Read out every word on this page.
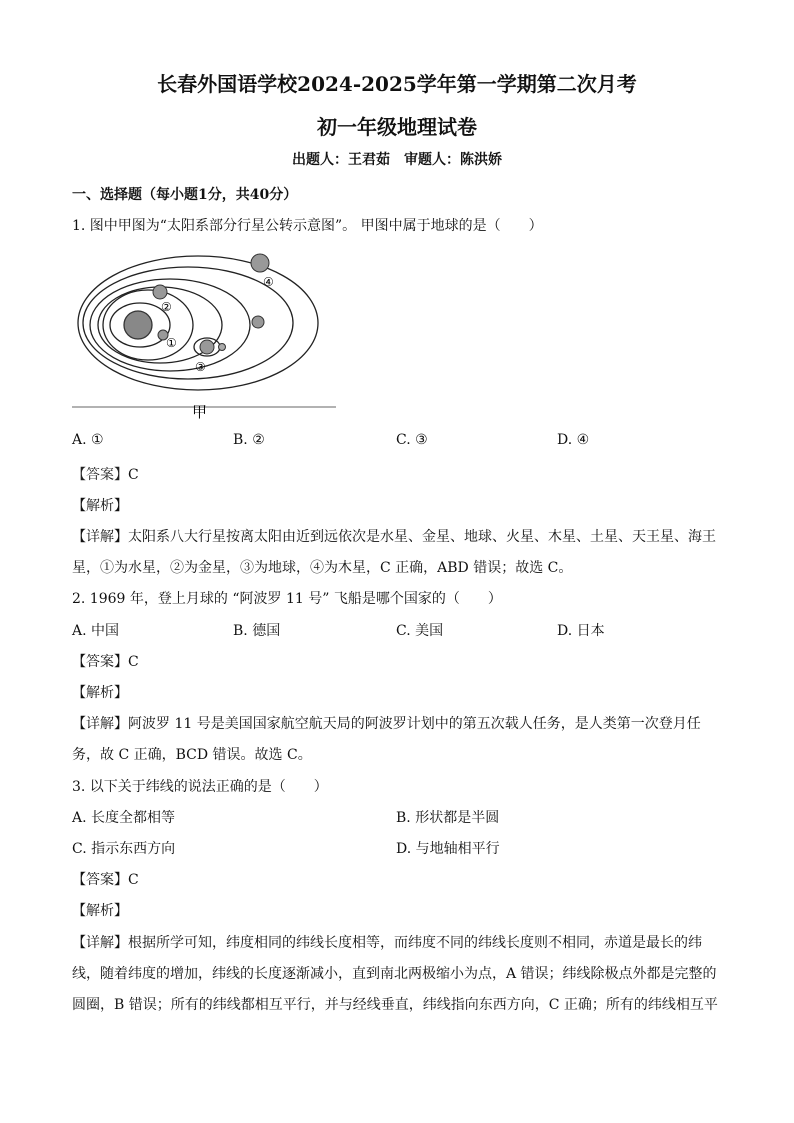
长春外国语学校2024-2025学年第一学期第二次月考
初一年级地理试卷
出题人：王君茹　审题人：陈洪娇
一、选择题（每小题1分，共40分）
1. 图中甲图为“太阳系部分行星公转示意图”。 甲图中属于地球的是（　　）
①
②
③
④
甲
A. ①	B. ②	C. ③	D. ④
【答案】C
【解析】
【详解】太阳系八大行星按离太阳由近到远依次是水星、金星、地球、火星、木星、土星、天王星、海王
星，①为水星，②为金星，③为地球，④为木星，C 正确，ABD 错误；故选 C。
2. 1969 年，登上月球的 “阿波罗 11 号” 飞船是哪个国家的（　　）
A. 中国	B. 德国	C. 美国	D. 日本
【答案】C
【解析】
【详解】阿波罗 11 号是美国国家航空航天局的阿波罗计划中的第五次载人任务，是人类第一次登月任
务，故 C 正确，BCD 错误。故选 C。
3. 以下关于纬线的说法正确的是（　　）
A. 长度全都相等	B. 形状都是半圆
C. 指示东西方向	D. 与地轴相平行
【答案】C
【解析】
【详解】根据所学可知，纬度相同的纬线长度相等，而纬度不同的纬线长度则不相同，赤道是最长的纬
线，随着纬度的增加，纬线的长度逐渐减小，直到南北两极缩小为点，A 错误；纬线除极点外都是完整的
圆圈，B 错误；所有的纬线都相互平行，并与经线垂直，纬线指向东西方向，C 正确；所有的纬线相互平
